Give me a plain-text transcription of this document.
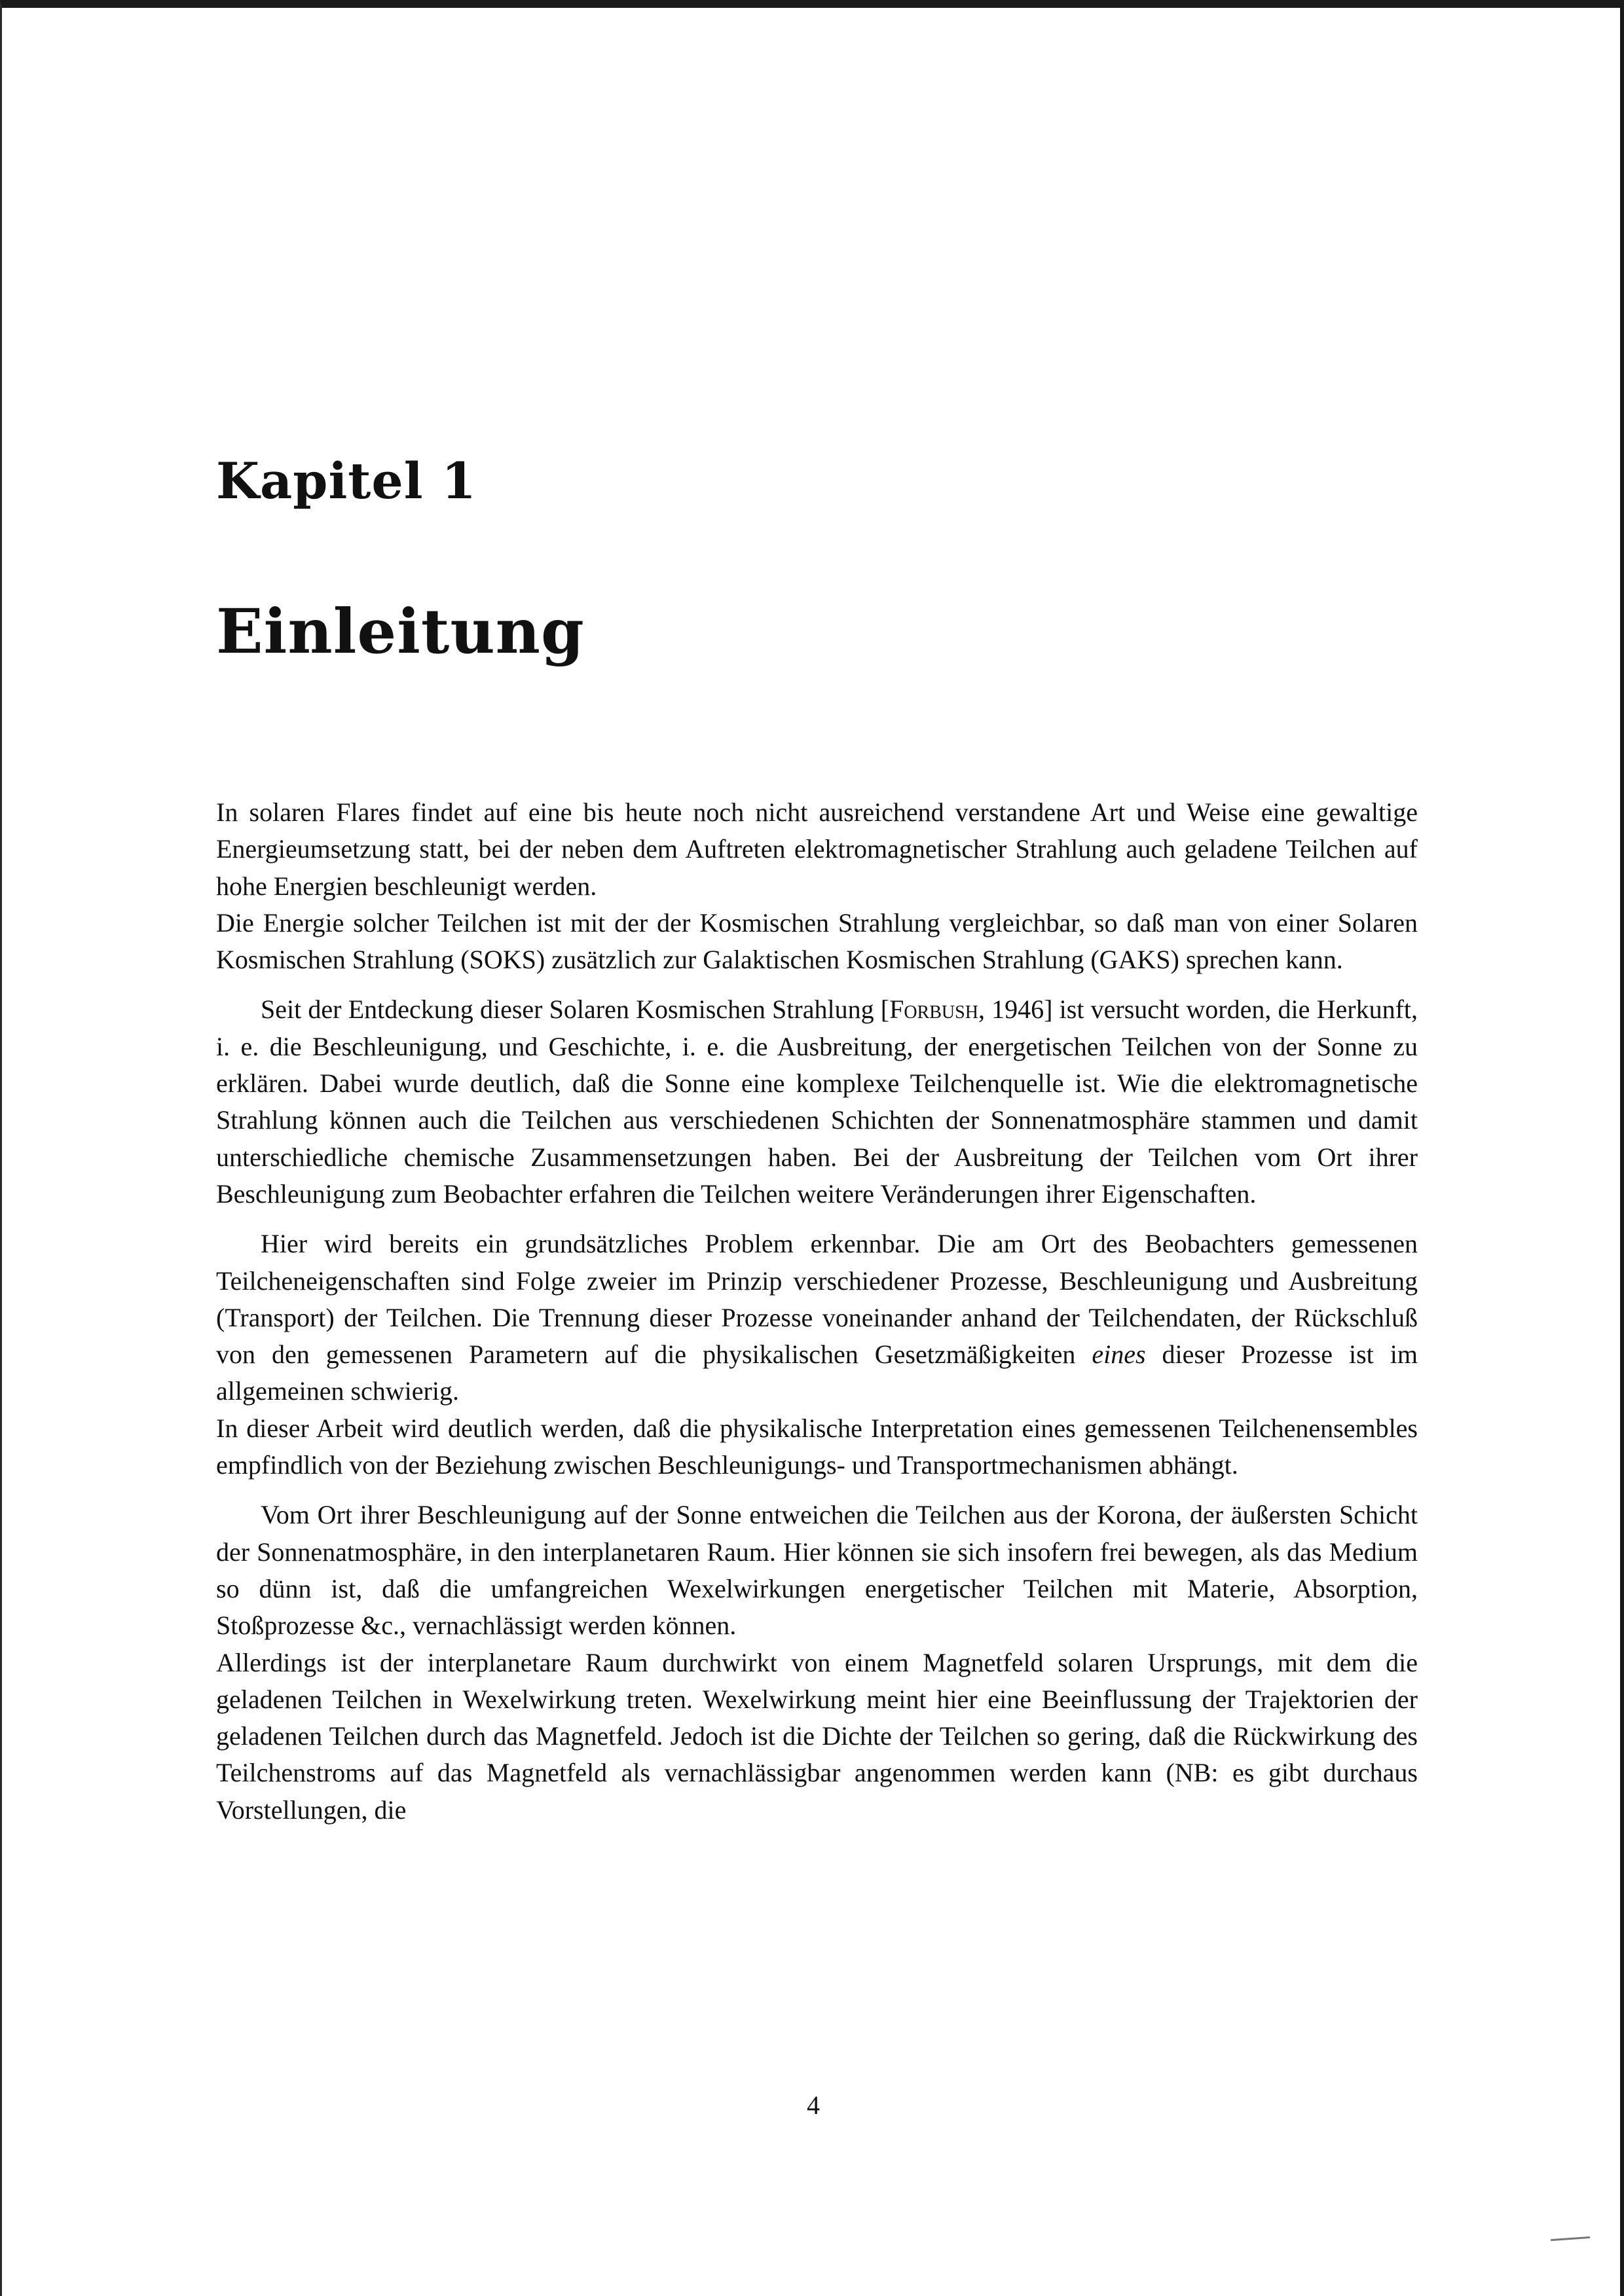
Kapitel 1
Einleitung

In solaren Flares findet auf eine bis heute noch nicht ausreichend verstandene Art und Weise eine gewaltige Energieumsetzung statt, bei der neben dem Auftreten elektromagnetischer Strahlung auch geladene Teilchen auf hohe Energien beschleunigt werden.

Die Energie solcher Teilchen ist mit der der Kosmischen Strahlung vergleichbar, so daß man von einer Solaren Kosmischen Strahlung (SOKS) zusätzlich zur Galaktischen Kosmischen Strahlung (GAKS) sprechen kann.

Seit der Entdeckung dieser Solaren Kosmischen Strahlung [Forbush, 1946] ist versucht worden, die Herkunft, i. e. die Beschleunigung, und Geschichte, i. e. die Ausbreitung, der energetischen Teilchen von der Sonne zu erklären. Dabei wurde deutlich, daß die Sonne eine komplexe Teilchenquelle ist. Wie die elektromagnetische Strahlung können auch die Teilchen aus verschiedenen Schichten der Sonnenatmosphäre stammen und damit unterschiedliche chemische Zusammensetzungen haben. Bei der Ausbreitung der Teilchen vom Ort ihrer Beschleunigung zum Beobachter erfahren die Teilchen weitere Veränderungen ihrer Eigenschaften.

Hier wird bereits ein grundsätzliches Problem erkennbar. Die am Ort des Beobachters gemessenen Teilcheneigenschaften sind Folge zweier im Prinzip verschiedener Prozesse, Beschleunigung und Ausbreitung (Transport) der Teilchen. Die Trennung dieser Prozesse voneinander anhand der Teilchendaten, der Rückschluß von den gemessenen Parametern auf die physikalischen Gesetzmäßigkeiten eines dieser Prozesse ist im allgemeinen schwierig.

In dieser Arbeit wird deutlich werden, daß die physikalische Interpretation eines gemessenen Teilchenensembles empfindlich von der Beziehung zwischen Beschleunigungs- und Transportmechanismen abhängt.

Vom Ort ihrer Beschleunigung auf der Sonne entweichen die Teilchen aus der Korona, der äußersten Schicht der Sonnenatmosphäre, in den interplanetaren Raum. Hier können sie sich insofern frei bewegen, als das Medium so dünn ist, daß die umfangreichen Wexelwirkungen energetischer Teilchen mit Materie, Absorption, Stoßprozesse &c., vernachlässigt werden können.

Allerdings ist der interplanetare Raum durchwirkt von einem Magnetfeld solaren Ursprungs, mit dem die geladenen Teilchen in Wexelwirkung treten. Wexelwirkung meint hier eine Beeinflussung der Trajektorien der geladenen Teilchen durch das Magnetfeld. Jedoch ist die Dichte der Teilchen so gering, daß die Rückwirkung des Teilchenstroms auf das Magnetfeld als vernachlässigbar angenommen werden kann (NB: es gibt durchaus Vorstellungen, die

4
